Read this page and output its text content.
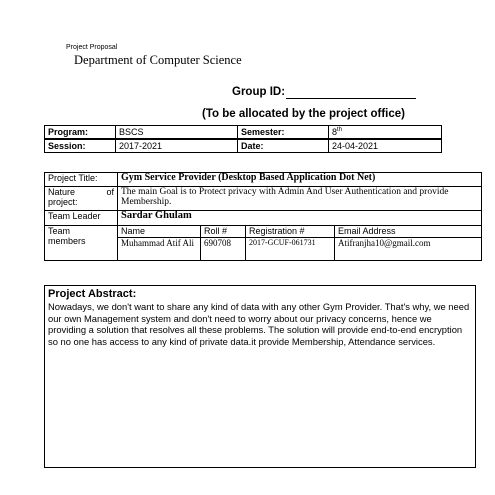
Project Proposal
Department of Computer Science
Group ID:
(To be allocated by the project office)
Program:	BSCS	Semester:	8th
Session:	2017-2021	Date:	24-04-2021
Project Title:	Gym Service Provider (Desktop Based Application Dot Net)			

Nature of
project:	The main Goal is to Protect privacy with Admin And User Authentication and provide Membership.			
Team Leader	Sardar Ghulam			

Team
members	Name	Roll #	Registration #	Email Address
	Muhammad Atif Ali	690708	2017-GCUF-061731	Atifranjha10@gmail.com

Project Abstract:

Nowadays, we don't want to share any kind of data with any other Gym Provider. That's why, we need our own Management system and don't need to worry about our privacy concerns, hence we providing a solution that resolves all these problems. The solution will provide end-to-end encryption so no one has access to any kind of private data.it provide Membership, Attendance services.
